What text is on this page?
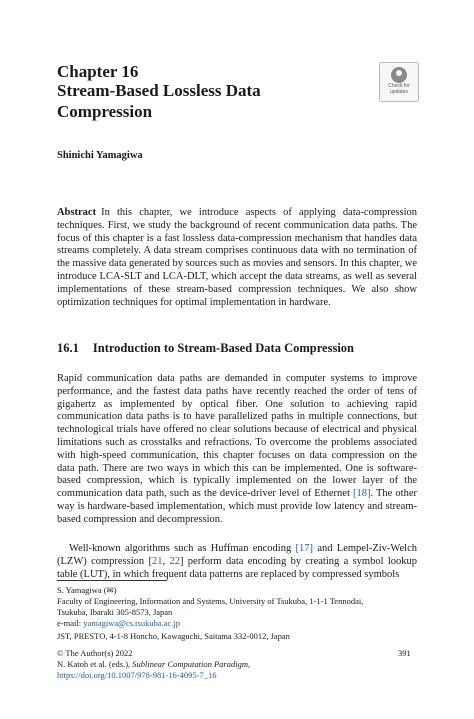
Chapter 16
Stream-Based Lossless Data Compression
Check for
updates
Shinichi Yamagiwa

Abstract In this chapter, we introduce aspects of applying data-compression techniques. First, we study the background of recent communication data paths. The focus of this chapter is a fast lossless data-compression mechanism that handles data streams completely. A data stream comprises continuous data with no termination of the massive data generated by sources such as movies and sensors. In this chapter, we introduce LCA-SLT and LCA-DLT, which accept the data streams, as well as several implementations of these stream-based compression techniques. We also show optimization techniques for optimal implementation in hardware.

16.1 Introduction to Stream-Based Data Compression

Rapid communication data paths are demanded in computer systems to improve performance, and the fastest data paths have recently reached the order of tens of gigahertz as implemented by optical fiber. One solution to achieving rapid communication data paths is to have parallelized paths in multiple connections, but technological trials have offered no clear solutions because of electrical and physical limitations such as crosstalks and refractions. To overcome the problems associated with high-speed communication, this chapter focuses on data compression on the data path. There are two ways in which this can be implemented. One is software-based compression, which is typically implemented on the lower layer of the communication data path, such as the device-driver level of Ethernet [18]. The other way is hardware-based implementation, which must provide low latency and stream-based compression and decompression.

Well-known algorithms such as Huffman encoding [17] and Lempel-Ziv-Welch (LZW) compression [21, 22] perform data encoding by creating a symbol lookup table (LUT), in which frequent data patterns are replaced by compressed symbols

S. Yamagiwa (✉)
Faculty of Engineering, Information and Systems, University of Tsukuba, 1-1-1 Tennodai,
Tsukuba, Ibaraki 305-8573, Japan
e-mail: yamagiwa@cs.tsukuba.ac.jp
JST, PRESTO, 4-1-8 Honcho, Kawaguchi, Saitama 332-0012, Japan
© The Author(s) 2022
N. Katoh et al. (eds.), Sublinear Computation Paradigm,
https://doi.org/10.1007/978-981-16-4095-7_16
391
